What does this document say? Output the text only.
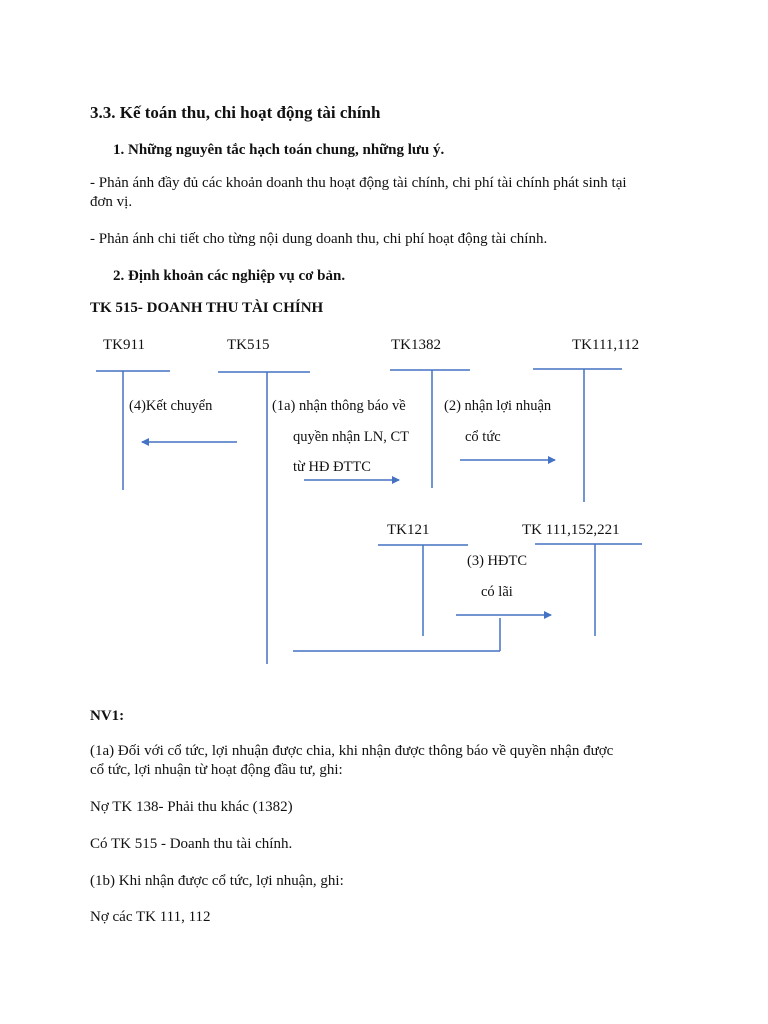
3.3. Kế toán thu, chi hoạt động tài chính
1. Những nguyên tắc hạch toán chung, những lưu ý.
- Phản ánh đầy đủ các khoản doanh thu hoạt động tài chính, chi phí tài chính phát sinh tại
đơn vị.
- Phản ánh chi tiết cho từng nội dung doanh thu, chi phí hoạt động tài chính.
2. Định khoản các nghiệp vụ cơ bản.
TK 515- DOANH THU TÀI CHÍNH
TK911	TK515	TK1382	TK111,112
TK121	TK 111,152,221
(4)Kết chuyển	(1a) nhận thông báo về
quyền nhận LN, CT
từ HĐ ĐTTC
(2) nhận lợi nhuận
cổ tức
(3) HĐTC
có lãi
NV1:
(1a) Đối với cổ tức, lợi nhuận được chia, khi nhận được thông báo về quyền nhận được
cổ tức, lợi nhuận từ hoạt động đầu tư, ghi:
Nợ TK 138- Phải thu khác (1382)
Có TK 515 - Doanh thu tài chính.
(1b) Khi nhận được cổ tức, lợi nhuận, ghi:
Nợ các TK 111, 112
